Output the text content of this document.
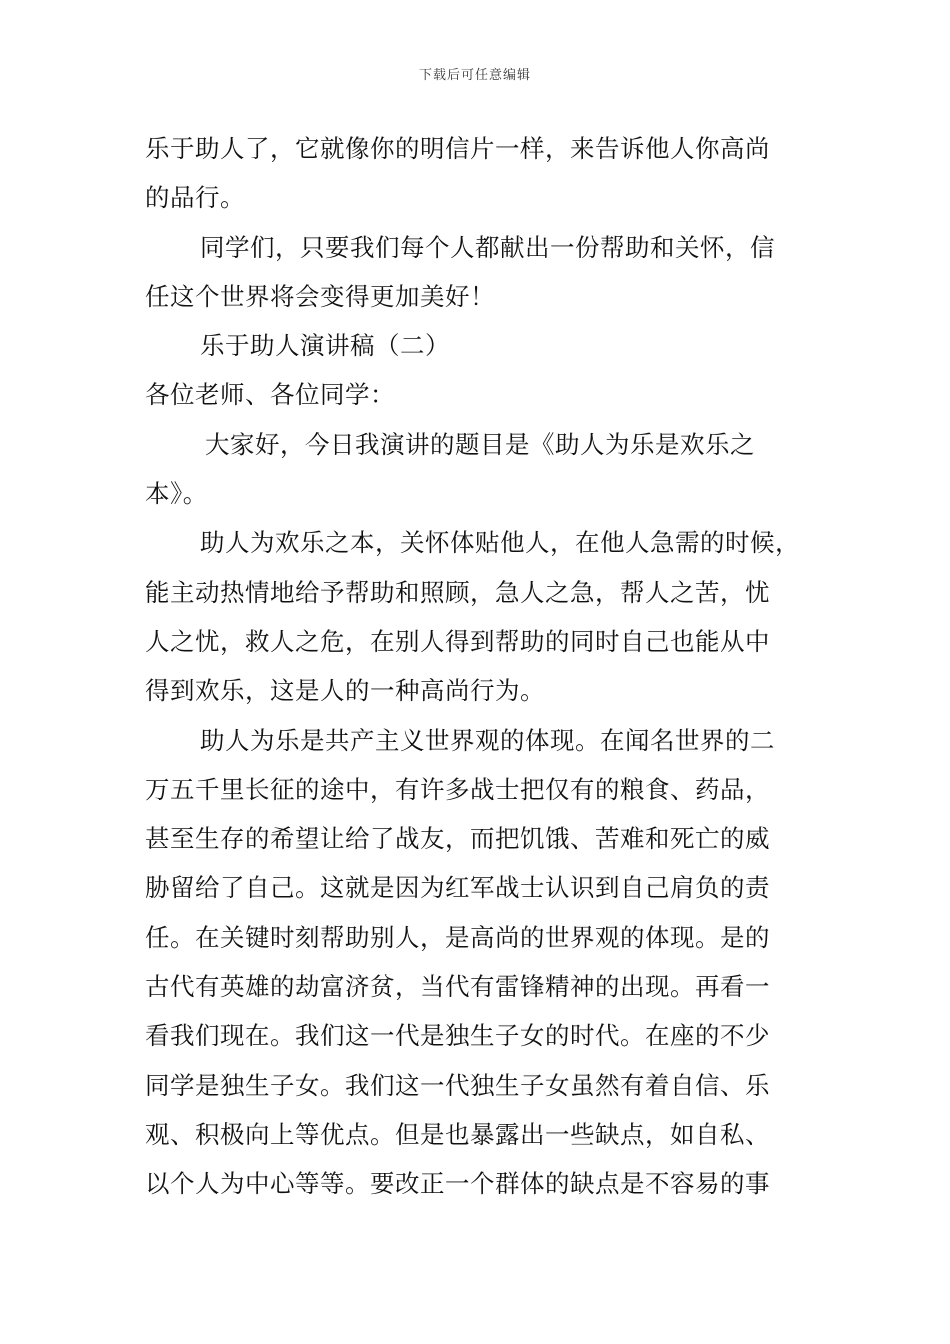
下载后可任意编辑
乐于助人了，它就像你的明信片一样，来告诉他人你高尚
的品行。
同学们，只要我们每个人都献出一份帮助和关怀，信
任这个世界将会变得更加美好！
乐于助人演讲稿（二）
各位老师、各位同学：
大家好，今日我演讲的题目是《助人为乐是欢乐之
本》。
助人为欢乐之本，关怀体贴他人，在他人急需的时候，
能主动热情地给予帮助和照顾，急人之急，帮人之苦，忧
人之忧，救人之危，在别人得到帮助的同时自己也能从中
得到欢乐，这是人的一种高尚行为。
助人为乐是共产主义世界观的体现。在闻名世界的二
万五千里长征的途中，有许多战士把仅有的粮食、药品，
甚至生存的希望让给了战友，而把饥饿、苦难和死亡的威
胁留给了自己。这就是因为红军战士认识到自己肩负的责
任。在关键时刻帮助别人，是高尚的世界观的体现。是的
古代有英雄的劫富济贫，当代有雷锋精神的出现。再看一
看我们现在。我们这一代是独生子女的时代。在座的不少
同学是独生子女。我们这一代独生子女虽然有着自信、乐
观、积极向上等优点。但是也暴露出一些缺点，如自私、
以个人为中心等等。要改正一个群体的缺点是不容易的事
